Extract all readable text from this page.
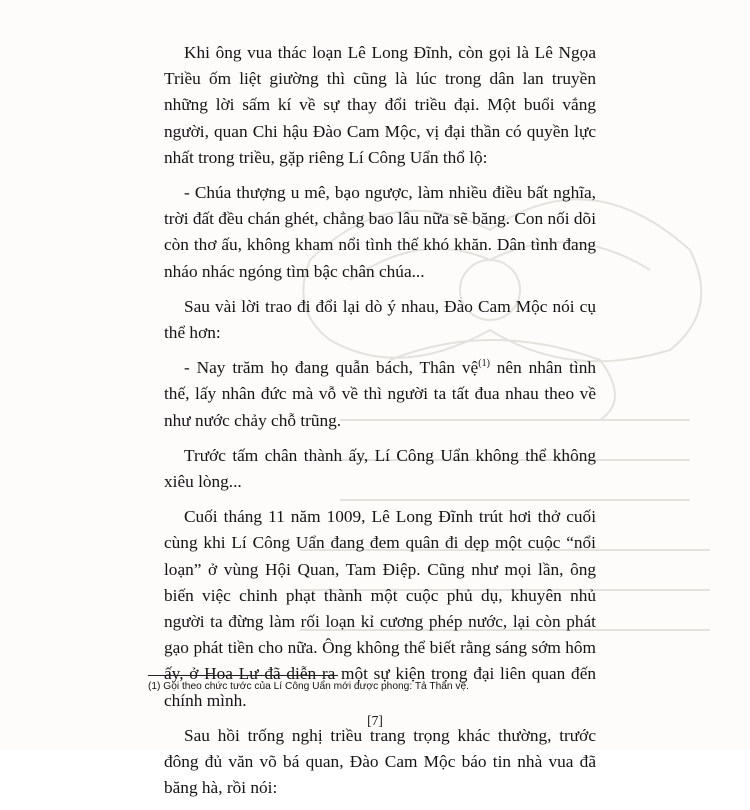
Khi ông vua thác loạn Lê Long Đĩnh, còn gọi là Lê Ngọa Triều ốm liệt giường thì cũng là lúc trong dân lan truyền những lời sấm kí về sự thay đổi triều đại. Một buổi vắng người, quan Chi hậu Đào Cam Mộc, vị đại thần có quyền lực nhất trong triều, gặp riêng Lí Công Uẩn thổ lộ:

- Chúa thượng u mê, bạo ngược, làm nhiều điều bất nghĩa, trời đất đều chán ghét, chẳng bao lâu nữa sẽ băng. Con nối dõi còn thơ ấu, không kham nổi tình thế khó khăn. Dân tình đang nháo nhác ngóng tìm bậc chân chúa...

Sau vài lời trao đi đổi lại dò ý nhau, Đào Cam Mộc nói cụ thể hơn:

- Nay trăm họ đang quẫn bách, Thân vệ$^{(1)}$ nên nhân tình thế, lấy nhân đức mà vỗ về thì người ta tất đua nhau theo về như nước chảy chỗ trũng.

Trước tấm chân thành ấy, Lí Công Uẩn không thể không xiêu lòng...

Cuối tháng 11 năm 1009, Lê Long Đĩnh trút hơi thở cuối cùng khi Lí Công Uẩn đang đem quân đi dẹp một cuộc “nổi loạn” ở vùng Hội Quan, Tam Điệp. Cũng như mọi lần, ông biến việc chinh phạt thành một cuộc phủ dụ, khuyên nhủ người ta đừng làm rối loạn kỉ cương phép nước, lại còn phát gạo phát tiền cho nữa. Ông không thể biết rằng sáng sớm hôm ấy, ở Hoa Lư đã diễn ra một sự kiện trọng đại liên quan đến chính mình.

Sau hồi trống nghị triều trang trọng khác thường, trước đông đủ văn võ bá quan, Đào Cam Mộc báo tin nhà vua đã băng hà, rồi nói:

(1) Gọi theo chức tước của Lí Công Uẩn mới được phong: Tả Thân vệ.
[7]
